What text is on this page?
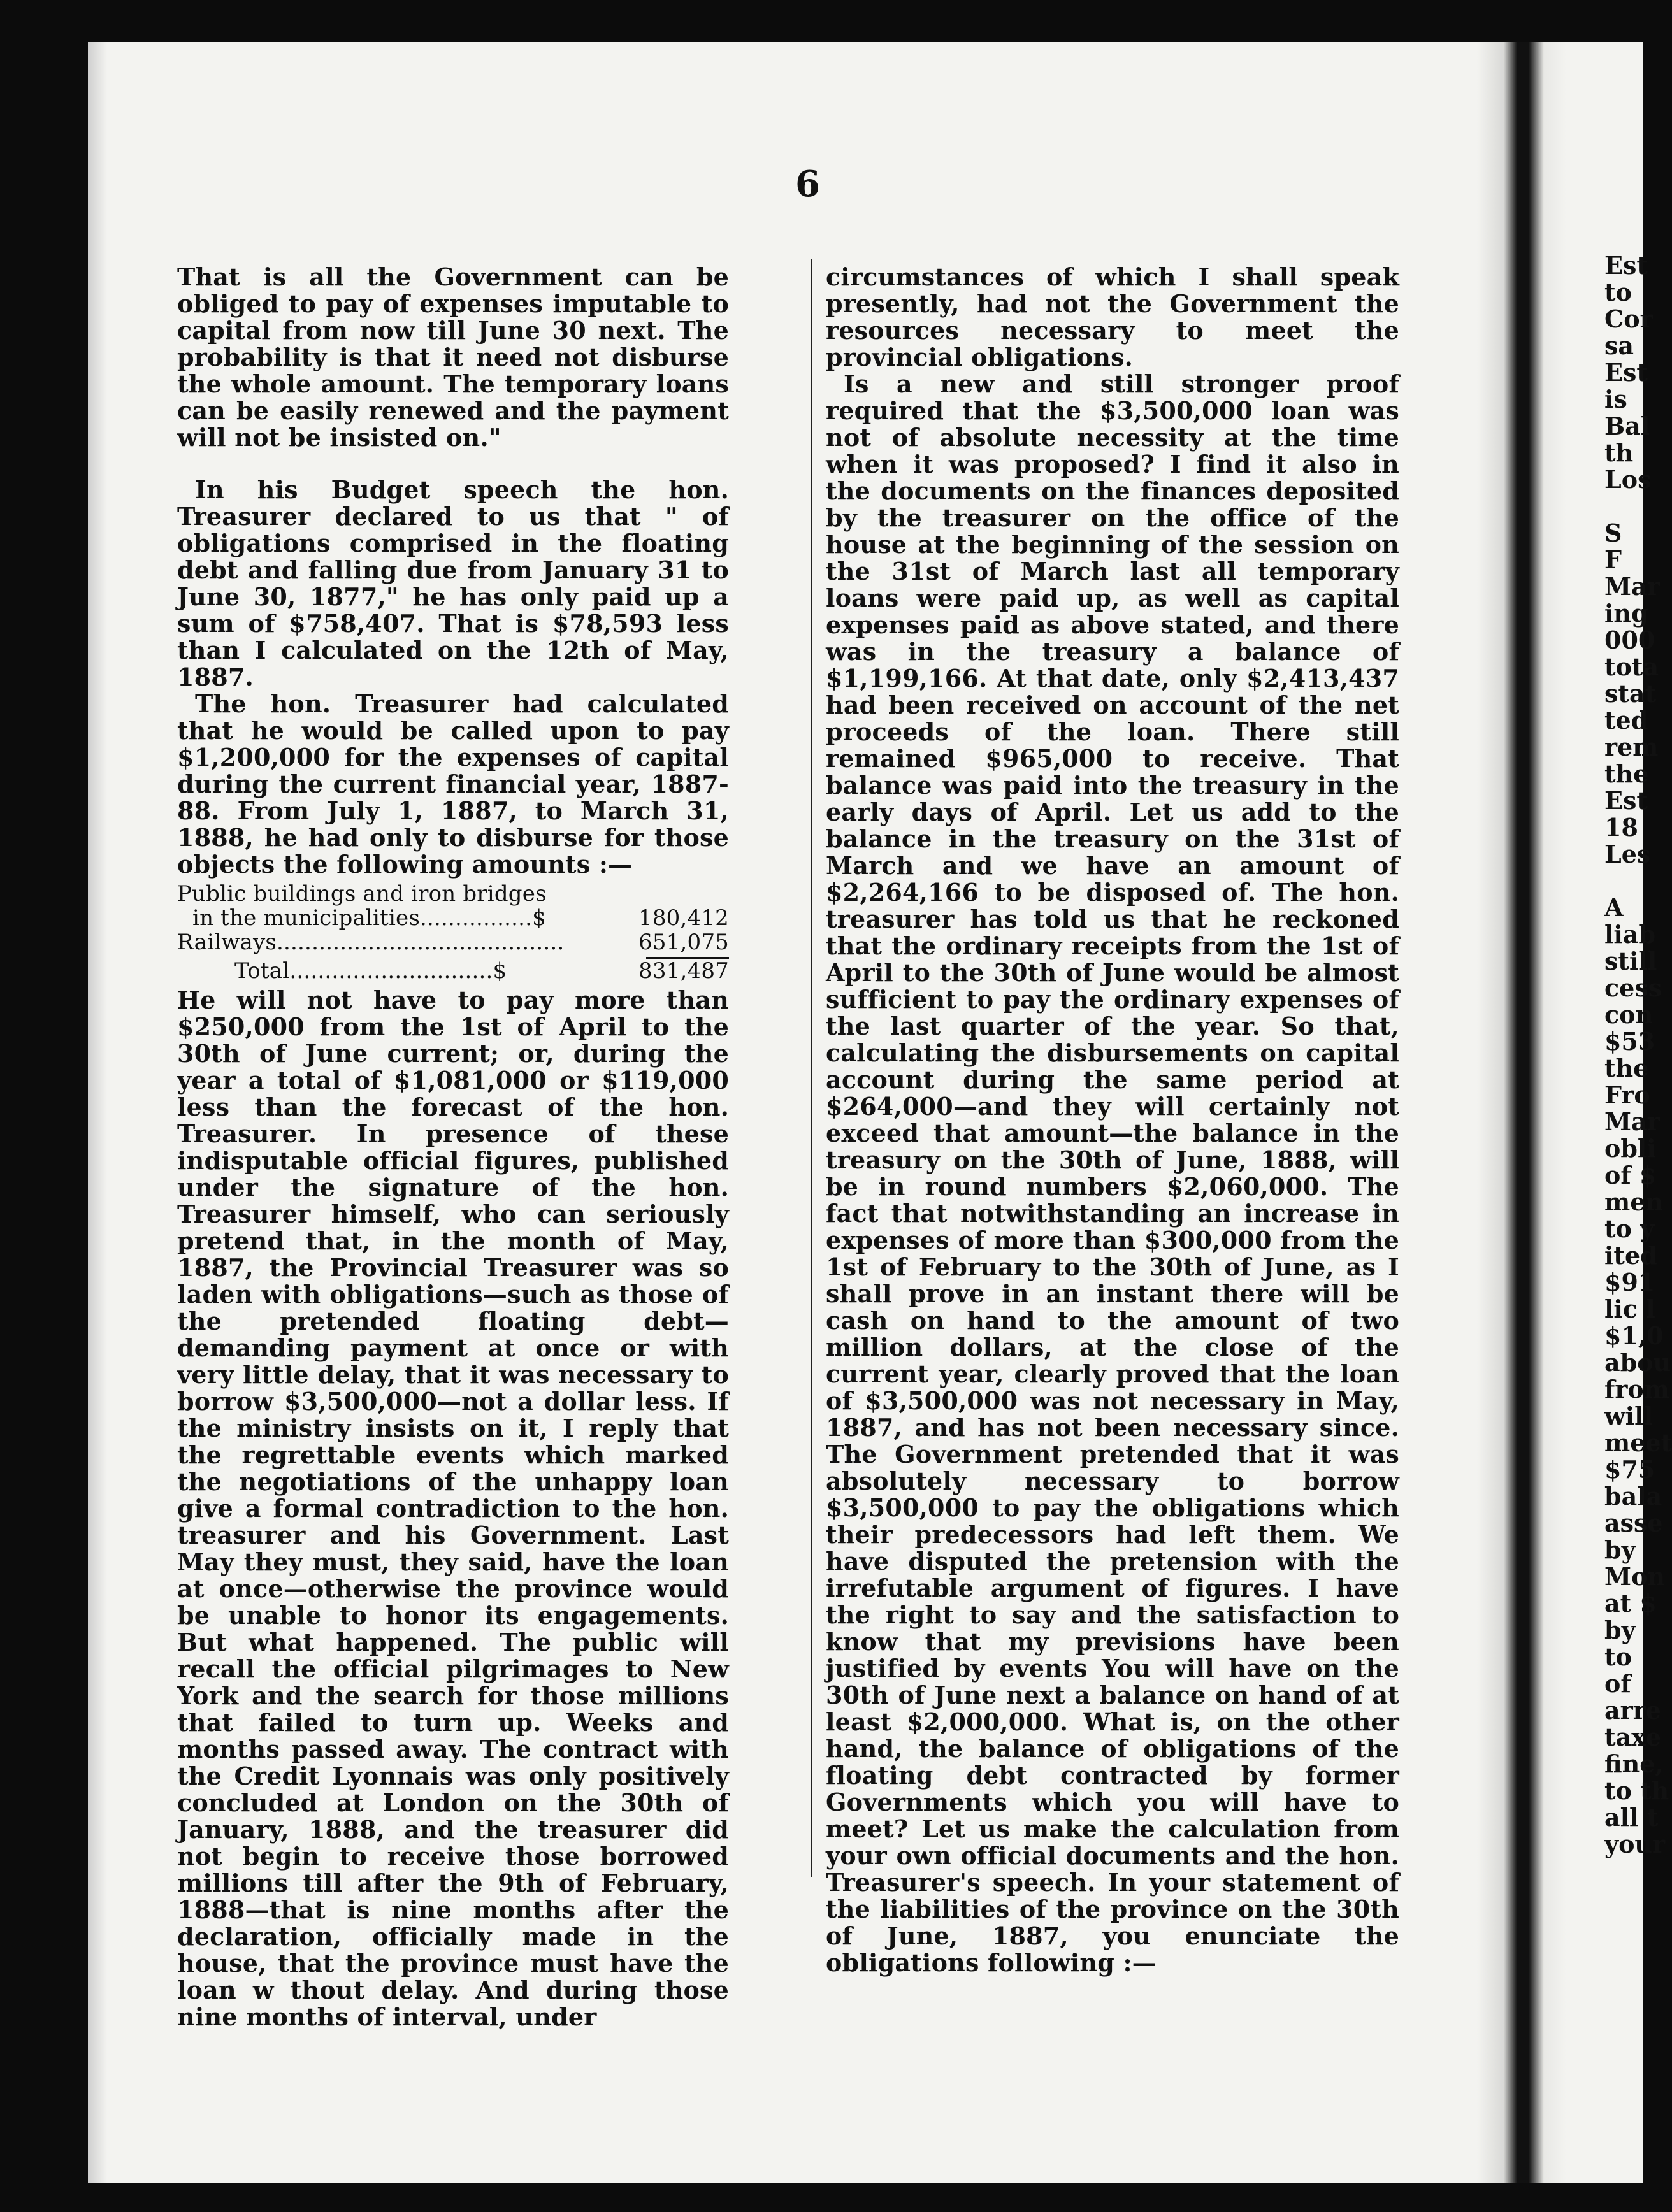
6

That is all the Government can be obliged to pay of expenses imputable to capital from now till June 30 next. The probability is that it need not disburse the whole amount. The temporary loans can be easily renewed and the payment will not be insisted on."

In his Budget speech the hon. Treasurer declared to us that " of obligations comprised in the floating debt and falling due from January 31 to June 30, 1877," he has only paid up a sum of $758,407. That is $78,593 less than I calculated on the 12th of May, 1887.

The hon. Treasurer had calculated that he would be called upon to pay $1,200,000 for the expenses of capital during the current financial year, 1887-88. From July 1, 1887, to March 31, 1888, he had only to disburse for those objects the following amounts :—

Public buildings and iron bridges
in the municipalities................$	180,412
Railways.........................................	651,075
Total.............................$	831,487

He will not have to pay more than $250,000 from the 1st of April to the 30th of June current; or, during the year a total of $1,081,000 or $119,000 less than the forecast of the hon. Treasurer. In presence of these indisputable official figures, published under the signature of the hon. Treasurer himself, who can seriously pretend that, in the month of May, 1887, the Provincial Treasurer was so laden with obligations—such as those of the pretended floating debt—demanding payment at once or with very little delay, that it was necessary to borrow $3,500,000—not a dollar less. If the ministry insists on it, I reply that the regrettable events which marked the negotiations of the unhappy loan give a formal contradiction to the hon. treasurer and his Government. Last May they must, they said, have the loan at once—otherwise the province would be unable to honor its engagements. But what happened. The public will recall the official pilgrimages to New York and the search for those millions that failed to turn up. Weeks and months passed away. The contract with the Credit Lyonnais was only positively concluded at London on the 30th of January, 1888, and the treasurer did not begin to receive those borrowed millions till after the 9th of February, 1888—that is nine months after the declaration, officially made in the house, that the province must have the loan w thout delay. And during those nine months of interval, under

circumstances of which I shall speak presently, had not the Government the resources necessary to meet the provincial obligations.

Is a new and still stronger proof required that the $3,500,000 loan was not of absolute necessity at the time when it was proposed? I find it also in the documents on the finances deposited by the treasurer on the office of the house at the beginning of the session on the 31st of March last all temporary loans were paid up, as well as capital expenses paid as above stated, and there was in the treasury a balance of $1,199,166. At that date, only $2,413,437 had been received on account of the net proceeds of the loan. There still remained $965,000 to receive. That balance was paid into the treasury in the early days of April. Let us add to the balance in the treasury on the 31st of March and we have an amount of $2,264,166 to be disposed of. The hon. treasurer has told us that he reckoned that the ordinary receipts from the 1st of April to the 30th of June would be almost sufficient to pay the ordinary expenses of the last quarter of the year. So that, calculating the disbursements on capital account during the same period at $264,000—and they will certainly not exceed that amount—the balance in the treasury on the 30th of June, 1888, will be in round numbers $2,060,000. The fact that notwithstanding an increase in expenses of more than $300,000 from the 1st of February to the 30th of June, as I shall prove in an instant there will be cash on hand to the amount of two million dollars, at the close of the current year, clearly proved that the loan of $3,500,000 was not necessary in May, 1887, and has not been necessary since. The Government pretended that it was absolutely necessary to borrow $3,500,000 to pay the obligations which their predecessors had left them. We have disputed the pretension with the irrefutable argument of figures. I have the right to say and the satisfaction to know that my previsions have been justified by events You will have on the 30th of June next a balance on hand of at least $2,000,000. What is, on the other hand, the balance of obligations of the floating debt contracted by former Governments which you will have to meet? Let us make the calculation from your own official documents and the hon. Treasurer's speech. In your statement of the liabilities of the province on the 30th of June, 1887, you enunciate the obligations following :—

Est
to
Cor
sa
Est
is
Bal
th
Los
S
F
Mar
ing
000
tota
stat
ted
rem
the
Est
18
Les
A
liab
still
cess
con
$53
the
Fro
Mar
obli
of $
men
to y
ited
$91
lic l
$1,0
abou
from
will
meet
$75
bala
asse
by
Mon
at $
by
to
of
arre
taxe
fine,
to th
all t
your
